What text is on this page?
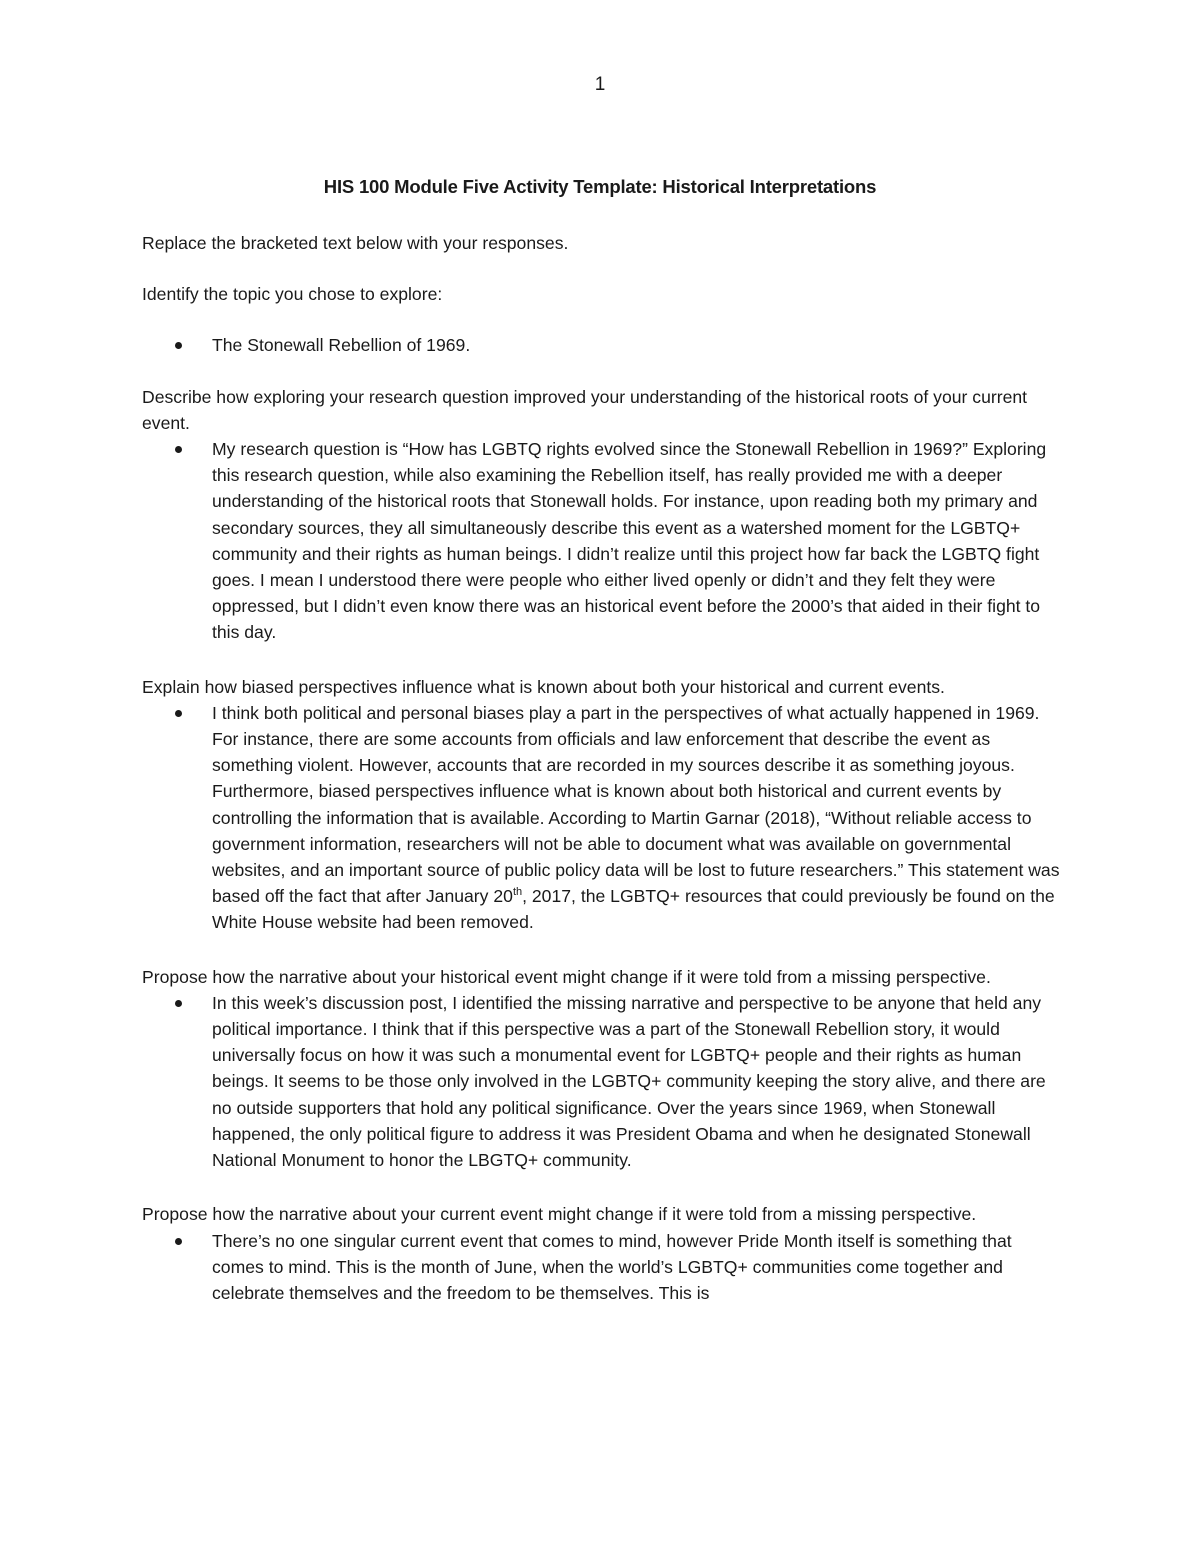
1
HIS 100 Module Five Activity Template: Historical Interpretations

Replace the bracketed text below with your responses.

Identify the topic you chose to explore:

The Stonewall Rebellion of 1969.

Describe how exploring your research question improved your understanding of the historical roots of your current event.

My research question is “How has LGBTQ rights evolved since the Stonewall Rebellion in 1969?” Exploring this research question, while also examining the Rebellion itself, has really provided me with a deeper understanding of the historical roots that Stonewall holds. For instance, upon reading both my primary and secondary sources, they all simultaneously describe this event as a watershed moment for the LGBTQ+ community and their rights as human beings. I didn’t realize until this project how far back the LGBTQ fight goes. I mean I understood there were people who either lived openly or didn’t and they felt they were oppressed, but I didn’t even know there was an historical event before the 2000’s that aided in their fight to this day.

Explain how biased perspectives influence what is known about both your historical and current events.

I think both political and personal biases play a part in the perspectives of what actually happened in 1969. For instance, there are some accounts from officials and law enforcement that describe the event as something violent. However, accounts that are recorded in my sources describe it as something joyous. Furthermore, biased perspectives influence what is known about both historical and current events by controlling the information that is available. According to Martin Garnar (2018), “Without reliable access to government information, researchers will not be able to document what was available on governmental websites, and an important source of public policy data will be lost to future researchers.” This statement was based off the fact that after January 20th, 2017, the LGBTQ+ resources that could previously be found on the White House website had been removed.

Propose how the narrative about your historical event might change if it were told from a missing perspective.

In this week’s discussion post, I identified the missing narrative and perspective to be anyone that held any political importance. I think that if this perspective was a part of the Stonewall Rebellion story, it would universally focus on how it was such a monumental event for LGBTQ+ people and their rights as human beings. It seems to be those only involved in the LGBTQ+ community keeping the story alive, and there are no outside supporters that hold any political significance. Over the years since 1969, when Stonewall happened, the only political figure to address it was President Obama and when he designated Stonewall National Monument to honor the LBGTQ+ community.

Propose how the narrative about your current event might change if it were told from a missing perspective.

There’s no one singular current event that comes to mind, however Pride Month itself is something that comes to mind. This is the month of June, when the world’s LGBTQ+ communities come together and celebrate themselves and the freedom to be themselves. This is
